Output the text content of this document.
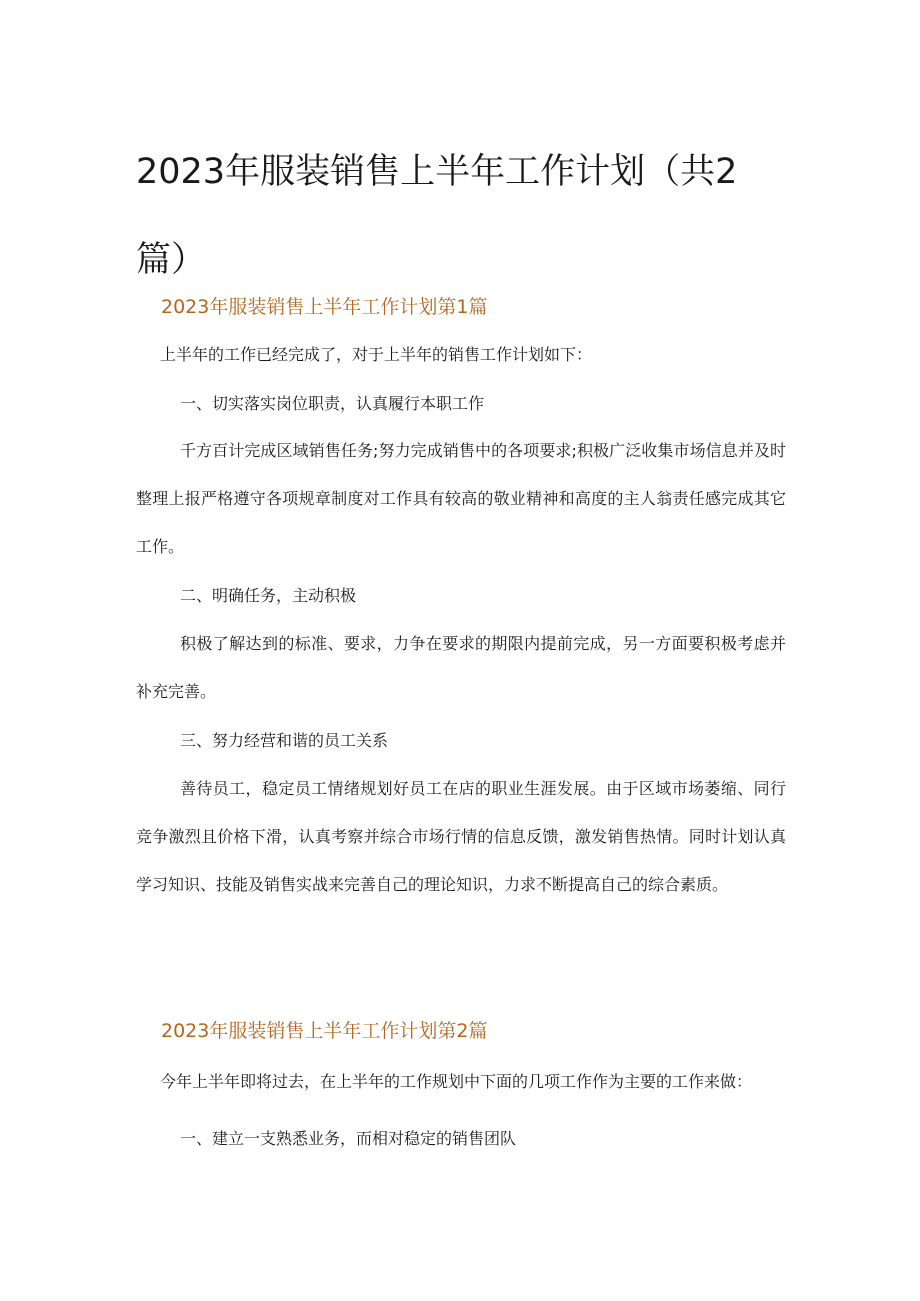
2023年服装销售上半年工作计划（共2篇）
2023年服装销售上半年工作计划第1篇

上半年的工作已经完成了，对于上半年的销售工作计划如下：

一、切实落实岗位职责，认真履行本职工作

千方百计完成区域销售任务;努力完成销售中的各项要求;积极广泛收集市场信息并及时整理上报严格遵守各项规章制度对工作具有较高的敬业精神和高度的主人翁责任感完成其它工作。

二、明确任务，主动积极

积极了解达到的标准、要求，力争在要求的期限内提前完成，另一方面要积极考虑并补充完善。

三、努力经营和谐的员工关系

善待员工，稳定员工情绪规划好员工在店的职业生涯发展。由于区域市场萎缩、同行竞争激烈且价格下滑，认真考察并综合市场行情的信息反馈，激发销售热情。同时计划认真学习知识、技能及销售实战来完善自己的理论知识，力求不断提高自己的综合素质。

2023年服装销售上半年工作计划第2篇

今年上半年即将过去，在上半年的工作规划中下面的几项工作作为主要的工作来做：

一、建立一支熟悉业务，而相对稳定的销售团队
